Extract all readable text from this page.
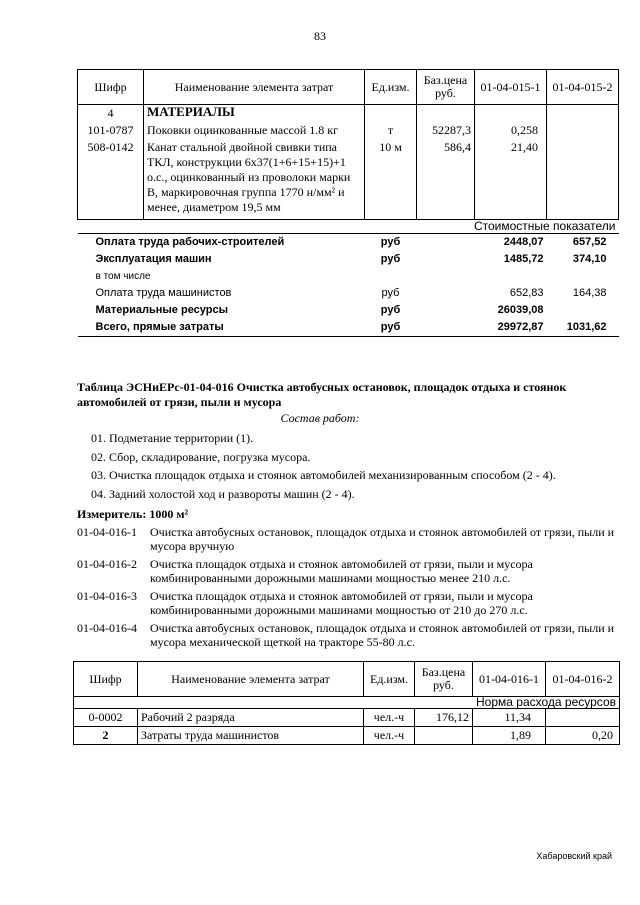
83
Шифр	Наименование элемента затрат	Ед.изм.	Баз.цена руб.	01-04-015-1	01-04-015-2
4	МАТЕРИАЛЫ				
101-0787	Поковки оцинкованные массой 1.8 кг	т	52287,3	0,258	
508-0142	Канат стальной двойной свивки типа ТКЛ, конструкции 6х37(1+6+15+15)+1 о.с., оцинкованный из проволоки марки В, маркировочная группа 1770 н/мм² и менее, диаметром 19,5 мм	10 м	586,4	21,40	
Стоимостные показатели					
Оплата труда рабочих-строителей		руб		2448,07	657,52
Эксплуатация машин		руб		1485,72	374,10
в том числе					
Оплата труда машинистов		руб		652,83	164,38
Материальные ресурсы		руб		26039,08	
Всего, прямые затраты		руб		29972,87	1031,62
Таблица ЭСНиЕРс-01-04-016 Очистка автобусных остановок, площадок отдыха и стоянок автомобилей от грязи, пыли и мусора
Состав работ:
01. Подметание территории (1).
02. Сбор, складирование, погрузка мусора.
03. Очистка площадок отдыха и стоянок автомобилей механизированным способом (2 - 4).
04. Задний холостой ход и развороты машин (2 - 4).
Измеритель: 1000 м²
01-04-016-1 Очистка автобусных остановок, площадок отдыха и стоянок автомобилей от грязи, пыли и мусора вручную
01-04-016-2 Очистка площадок отдыха и стоянок автомобилей от грязи, пыли и мусора комбинированными дорожными машинами мощностью менее 210 л.с.
01-04-016-3 Очистка площадок отдыха и стоянок автомобилей от грязи, пыли и мусора комбинированными дорожными машинами мощностью от 210 до 270 л.с.
01-04-016-4 Очистка автобусных остановок, площадок отдыха и стоянок автомобилей от грязи, пыли и мусора механической щеткой на тракторе 55-80 л.с.
Шифр	Наименование элемента затрат	Ед.изм.	Баз.цена руб.	01-04-016-1	01-04-016-2
Норма расхода ресурсов					
0-0002	Рабочий 2 разряда	чел.-ч	176,12	11,34	
2	Затраты труда машинистов	чел.-ч		1,89	0,20
Хабаровский край
